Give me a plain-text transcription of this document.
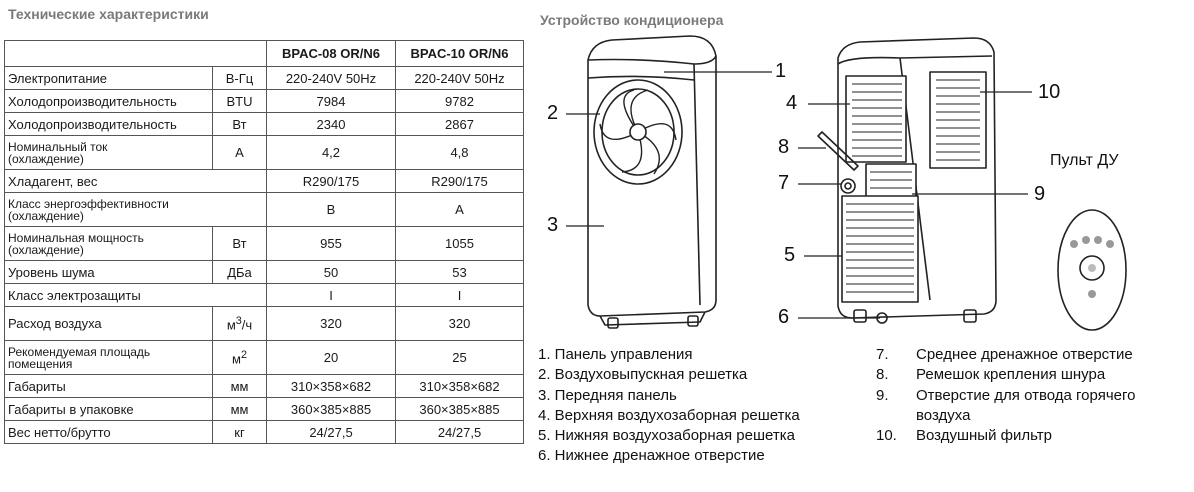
Технические характеристики	Устройство кондиционера
		BPAC-08 OR/N6	BPAC-10 OR/N6
Электропитание	В-Гц	220-240V 50Hz	220-240V 50Hz
Холодопроизводительность	BTU	7984	9782
Холодопроизводительность	Вт	2340	2867
Номинальный ток
(охлаждение)	А	4,2	4,8
Хладагент, вес		R290/175	R290/175
Класс энергоэффективности
(охлаждение)		B	A
Номинальная мощность
(охлаждение)	Вт	955	1055
Уровень шума	ДБа	50	53
Класс электрозащиты		I	I
Расход воздуха	$м^3/ч$	320	320
Рекомендуемая площадь
помещения	$м^2$	20	25
Габариты	мм	310×358×682	310×358×682
Габариты в упаковке	мм	360×385×885	360×385×885
Вес нетто/брутто	кг	24/27,5	24/27,5
1
2
3
4
5
6
7
8
9
10
Пульт ДУ
1. Панель управления
2. Воздуховыпускная решетка
3. Передняя панель
4. Верхняя воздухозаборная решетка
5. Нижняя воздухозаборная решетка
6. Нижнее дренажное отверстие
7.	Среднее дренажное отверстие
8.	Ремешок крепления шнура
9.	Отверстие для отвода горячего
воздуха
10.	Воздушный фильтр
